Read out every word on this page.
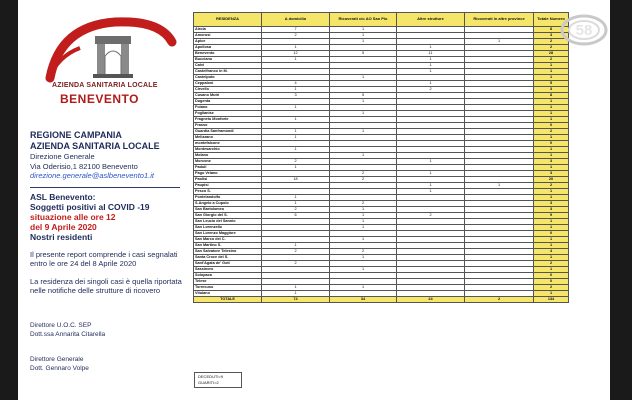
AZIENDA SANITARIA LOCALE
BENEVENTO
REGIONE CAMPANIA
AZIENDA SANITARIA LOCALE
Direzione Generale
Via Oderisio,1 82100 Benevento
direzione.generale@aslbenevento1.it
ASL Benevento:
Soggetti positivi al COVID -19
situazione alle ore 12
del 9 Aprile 2020
Nostri residenti
Il presente report comprende i casi segnalati entro le ore 24 del 8 Aprile 2020
La residenza dei singoli casi è quella riportata nelle notifiche delle strutture di ricovero
Direttore U.O.C. SEP
Dott.ssa Annarita Citarella
Direttore Generale
Dott. Gennaro Volpe
RESIDENZA	A domicilio	Ricoverati c/o AO San Pio	Altre strutture	Ricoverati in altre province	Totale Numero
Airola	7	1			8
Amorosi	2	1			3
Apice		1		1	2
Apollosa	1		1		2
Benevento	12	5	11		28
Bucciano	1		1		2
Calvi			1		1
Castelfranco in M.			1		1
Castelpoto		1			1
Ceppaloni	4		1		5
Cirvello	1		2		3
Cusano Mutri	3	5			8
Dugenta		1			1
Foiano	1				1
Foglianise		1			1
Fragneto Monforte	1				1
Frasso					0
Guardia Sanframondi	1	1			2
Melizzano	1				1
montefalcone					0
Montesarchio	1				1
Molano		1			1
Morcone	2		1		3
Paduli	1				1
Pago Veiano		2	1		3
Paolisi	18	2			20
Paupisi			1	1	2
Pesco S.			1		1
Pontelandolfo	1				1
S.Angelo a Cupolo	1	2			3
San Bartolomeo	2	1			3
San Giorgio del S.	6	1	2		9
San Leucio del Sannio		1			1
San Lorenzello		1			1
San Lorenzo Maggiore					0
San Marco dei C.		1			1
San Martino S.	1				1
San Salvatore Telesino	2	2			4
Santa Croce del S.		1			1
Sant'Agata de' Goti	2				2
Sassinoro		1			1
Solopaca					0
Telese					0
Torrecuso	1	1			2
Vitulano	1				1
TOTALE	74	34	24	2	134
DECEDUTI=9
GUARITI=2
58
